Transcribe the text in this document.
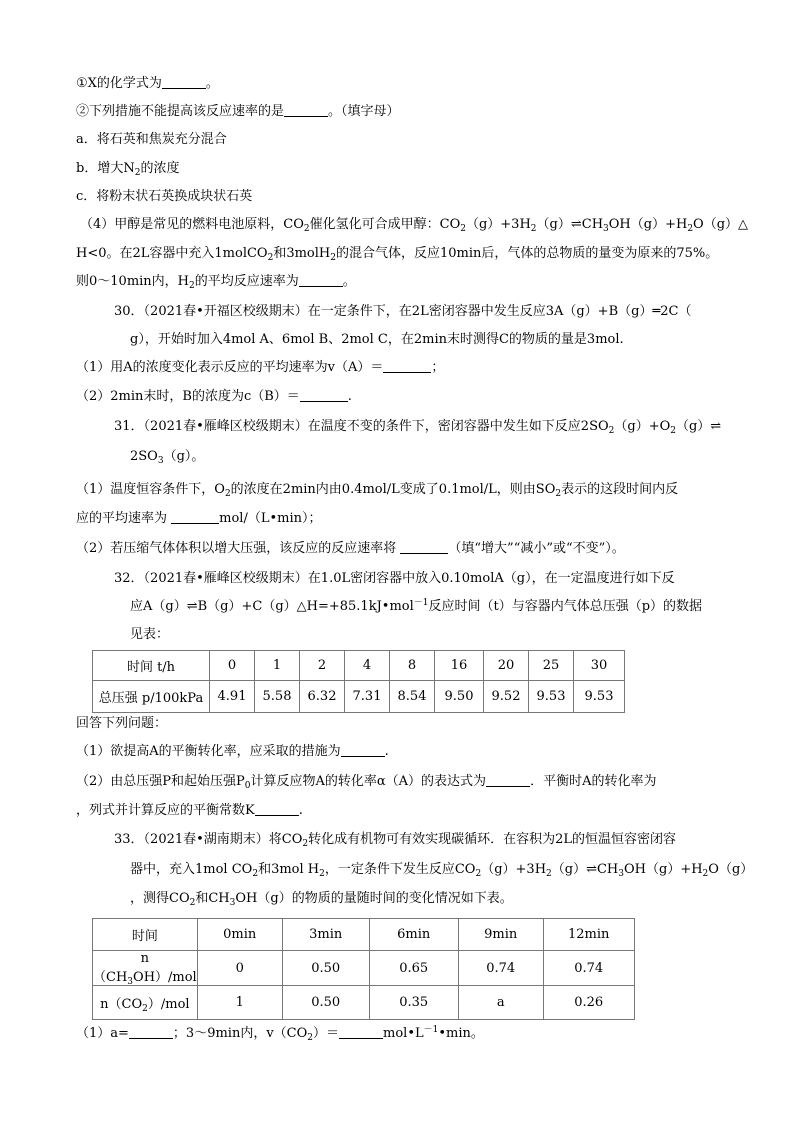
①X的化学式为	。
②下列措施不能提高该反应速率的是	。（填字母）
a．将石英和焦炭充分混合
b．增大$N_2$的浓度
c．将粉末状石英换成块状石英
（4）甲醇是常见的燃料电池原料，$CO_2$催化氢化可合成甲醇：$CO_2(g)+3H_2(g)\rightleftharpoons CH_3OH(g)+H_2O(g)\triangle$
H<0。在2L容器中充入1molCO$_2$和3molH$_2$的混合气体，反应10min后，气体的总物质的量变为原来的75%。
则0～10min内，$H_2$的平均反应速率为	。
30．（2021春•开福区校级期末）在一定条件下，在2L密闭容器中发生反应3A（g）+B（g）═2C（
g），开始时加入4mol A、6mol B、2mol C，在2min末时测得C的物质的量是3mol.
（1）用A的浓度变化表示反应的平均速率为v（A）＝	；
（2）2min末时，B的浓度为c（B）＝	.
31．（2021春•雁峰区校级期末）在温度不变的条件下，密闭容器中发生如下反应$2SO_2(g)+O_2(g)\rightleftharpoons$
$2SO_3(g)$。
（1）温度恒容条件下，$O_2$的浓度在2min内由0.4mol/L变成了0.1mol/L，则由$SO_2$表示的这段时间内反
应的平均速率为	mol/（L•min）；
（2）若压缩气体体积以增大压强，该反应的反应速率将	（填“增大”“减小”或“不变”）。
32．（2021春•雁峰区校级期末）在1.0L密闭容器中放入0.10molA（g），在一定温度进行如下反
应A（g）⇌B（g）+C（g）△H=+85.1kJ•mol$^{-1}$反应时间（t）与容器内气体总压强（p）的数据
见表：
时间 t/h	0	1	2	4	8	16	20	25	30
总压强 p/100kPa	4.91	5.58	6.32	7.31	8.54	9.50	9.52	9.53	9.53
回答下列问题：
（1）欲提高A的平衡转化率，应采取的措施为	.
（2）由总压强P和起始压强$P_0$计算反应物A的转化率α（A）的表达式为	．平衡时A的转化率为
，列式并计算反应的平衡常数K	.
33．（2021春•湖南期末）将$CO_2$转化成有机物可有效实现碳循环．在容积为2L的恒温恒容密闭容
器中，充入1mol $CO_2$和3mol $H_2$，一定条件下发生反应$CO_2(g)+3H_2(g)\rightleftharpoons CH_3OH(g)+H_2O(g)$
，测得$CO_2$和$CH_3OH(g)$的物质的量随时间的变化情况如下表。
时间	0min	3min	6min	9min	12min
$n(CH_3OH)$/mol	0	0.50	0.65	0.74	0.74
$n(CO_2)$/mol	1	0.50	0.35	a	0.26
（1）a=	；3～9min内，$v(CO_2)=$	$mol•L^{-1}•\min$。
